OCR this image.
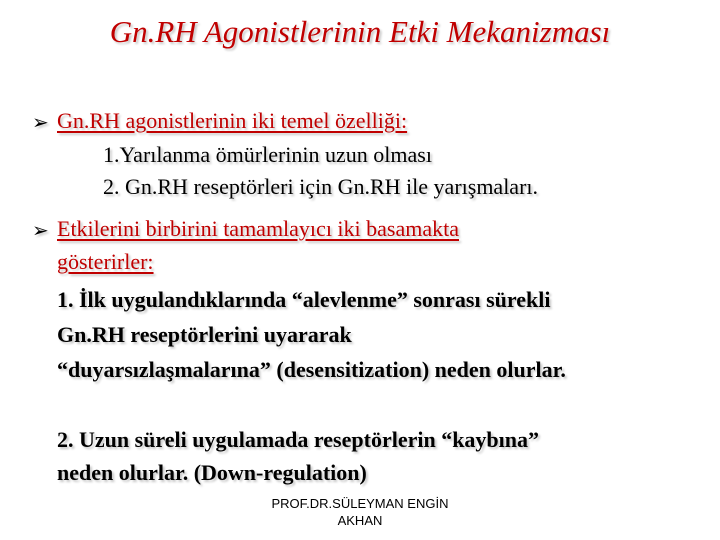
Gn.RH Agonistlerinin Etki Mekanizması
➢ Gn.RH agonistlerinin iki temel özelliği:
1.Yarılanma ömürlerinin uzun olması
2. Gn.RH reseptörleri için Gn.RH ile yarışmaları.
➢ Etkilerini birbirini tamamlayıcı iki basamakta
gösterirler:
1. İlk uygulandıklarında “alevlenme” sonrası sürekli
Gn.RH reseptörlerini uyararak
“duyarsızlaşmalarına” (desensitization) neden olurlar.
2. Uzun süreli uygulamada reseptörlerin “kaybına”
neden olurlar. (Down-regulation)
PROF.DR.SÜLEYMAN ENGİN
AKHAN
